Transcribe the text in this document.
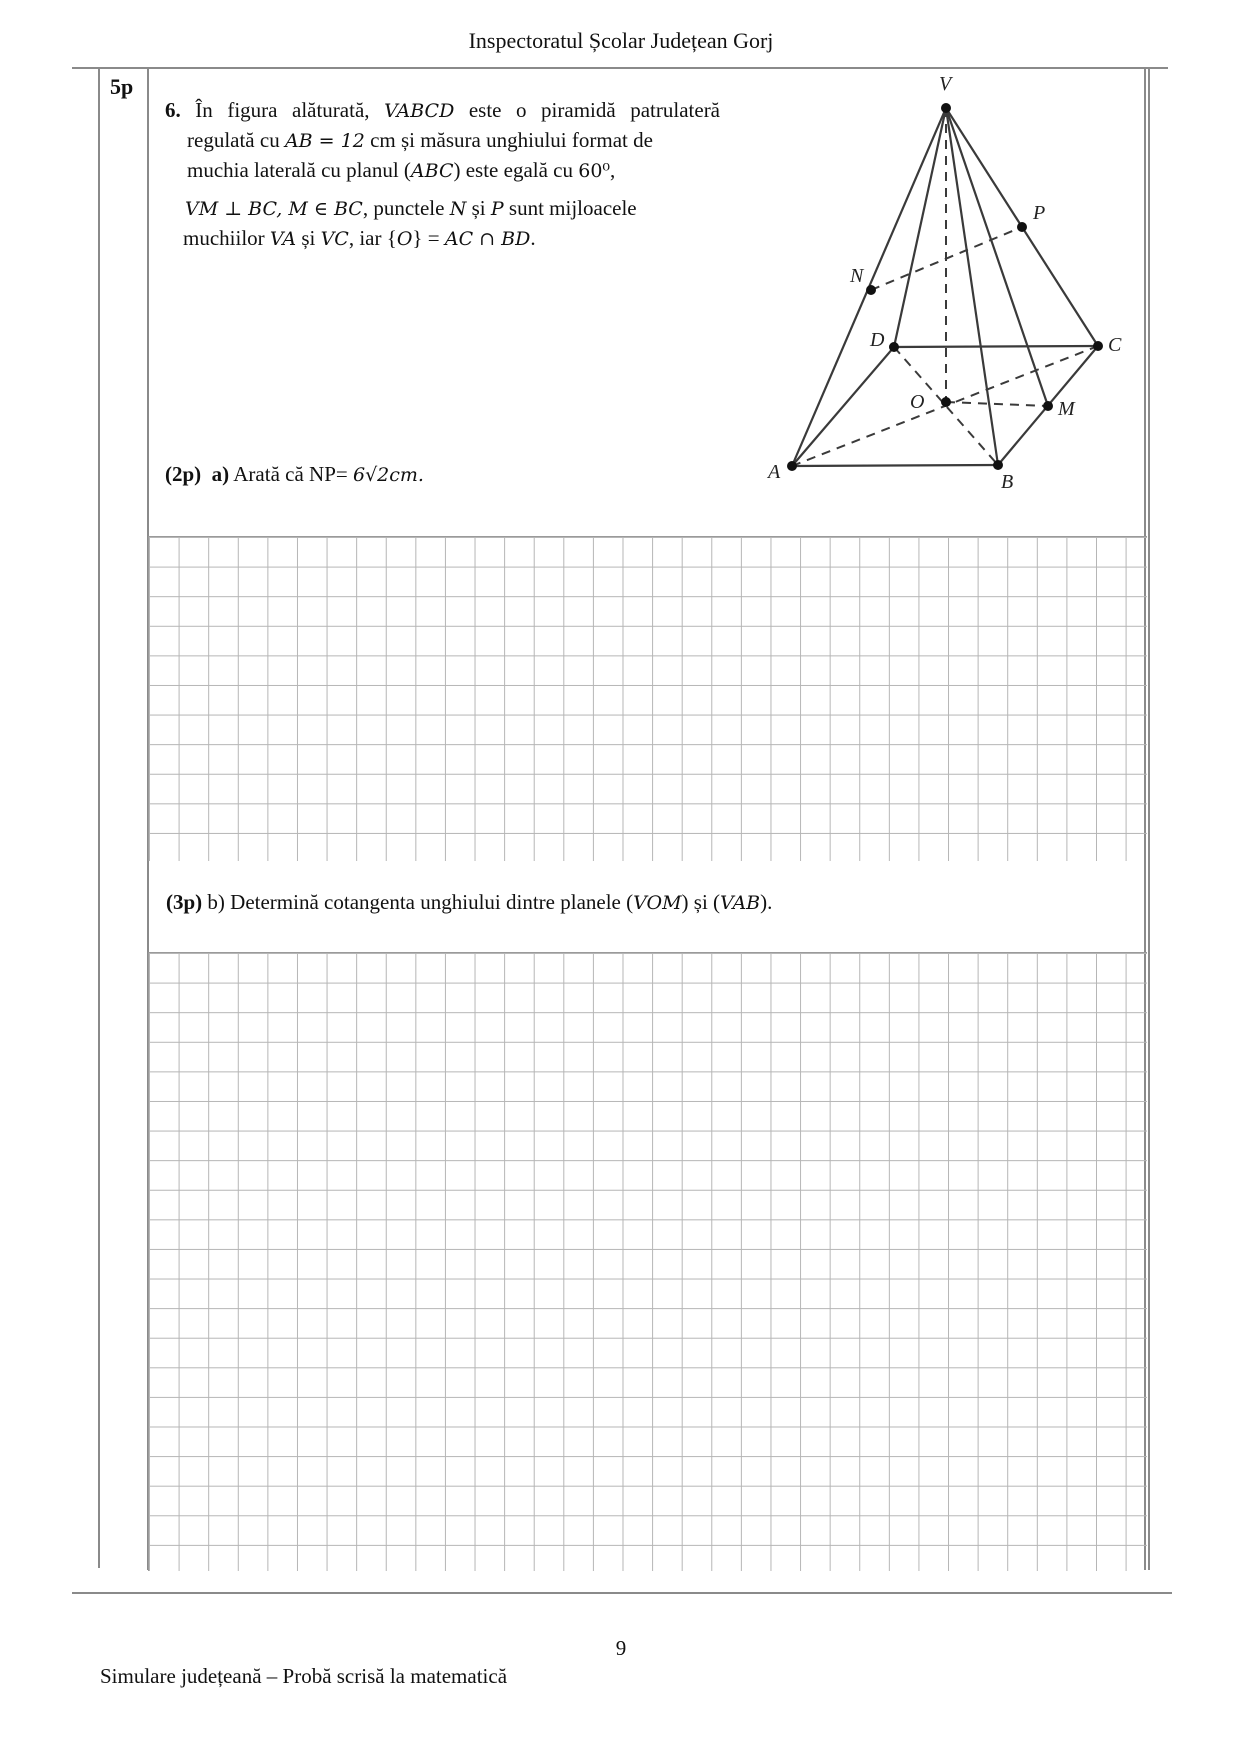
Inspectoratul Școlar Județean Gorj
5p
6. În figura alăturată, VABCD este o piramidă patrulateră
regulată cu AB = 12 cm și măsura unghiului format de
muchia laterală cu planul (ABC) este egală cu 60⁰,
VM ⊥ BC, M ∈ BC, punctele N și P sunt mijloacele
muchiilor VA și VC, iar {O} = AC ∩ BD.
V
P
N
D	C
O	M
A	B
(2p) a) Arată că NP= 6√2cm.
(3p) b) Determină cotangenta unghiului dintre planele (VOM) și (VAB).
9
Simulare județeană – Probă scrisă la matematică
